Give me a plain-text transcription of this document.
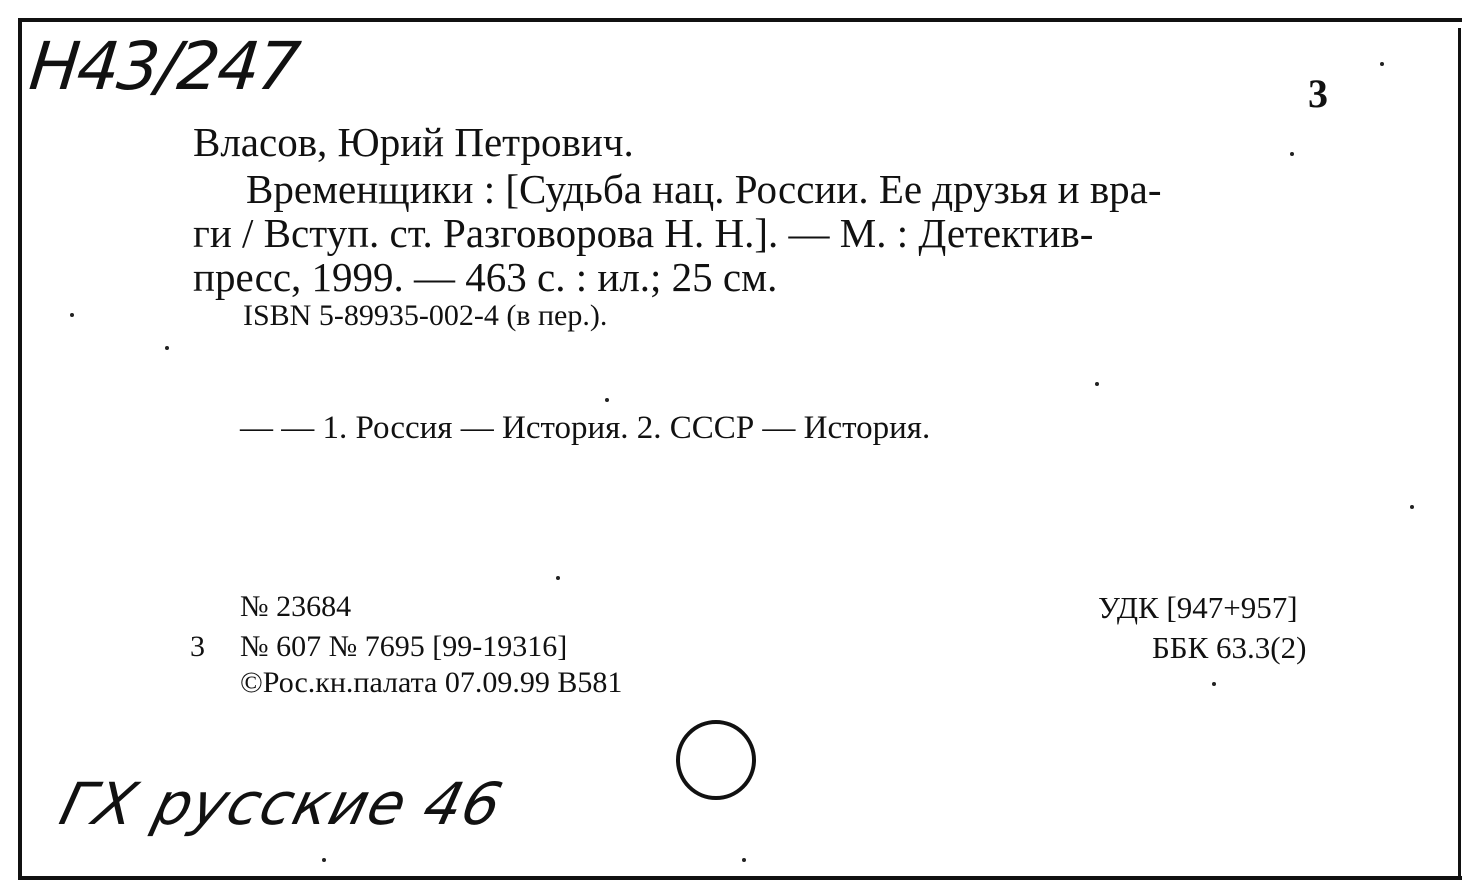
Н43/247	3
Власов, Юрий Петрович.
Временщики : [Судьба нац. России. Ее друзья и вра-
ги / Вступ. ст. Разговорова Н. Н.]. — М. : Детектив-
пресс, 1999. — 463 с. : ил.; 25 см.
ISBN 5-89935-002-4 (в пер.).
— — 1. Россия — История. 2. СССР — История.
№ 23684
3 № 607 № 7695 [99-19316]
©Рос.кн.палата 07.09.99 В581
УДК [947+957]
ББК 63.3(2)
ГХ русские 46
